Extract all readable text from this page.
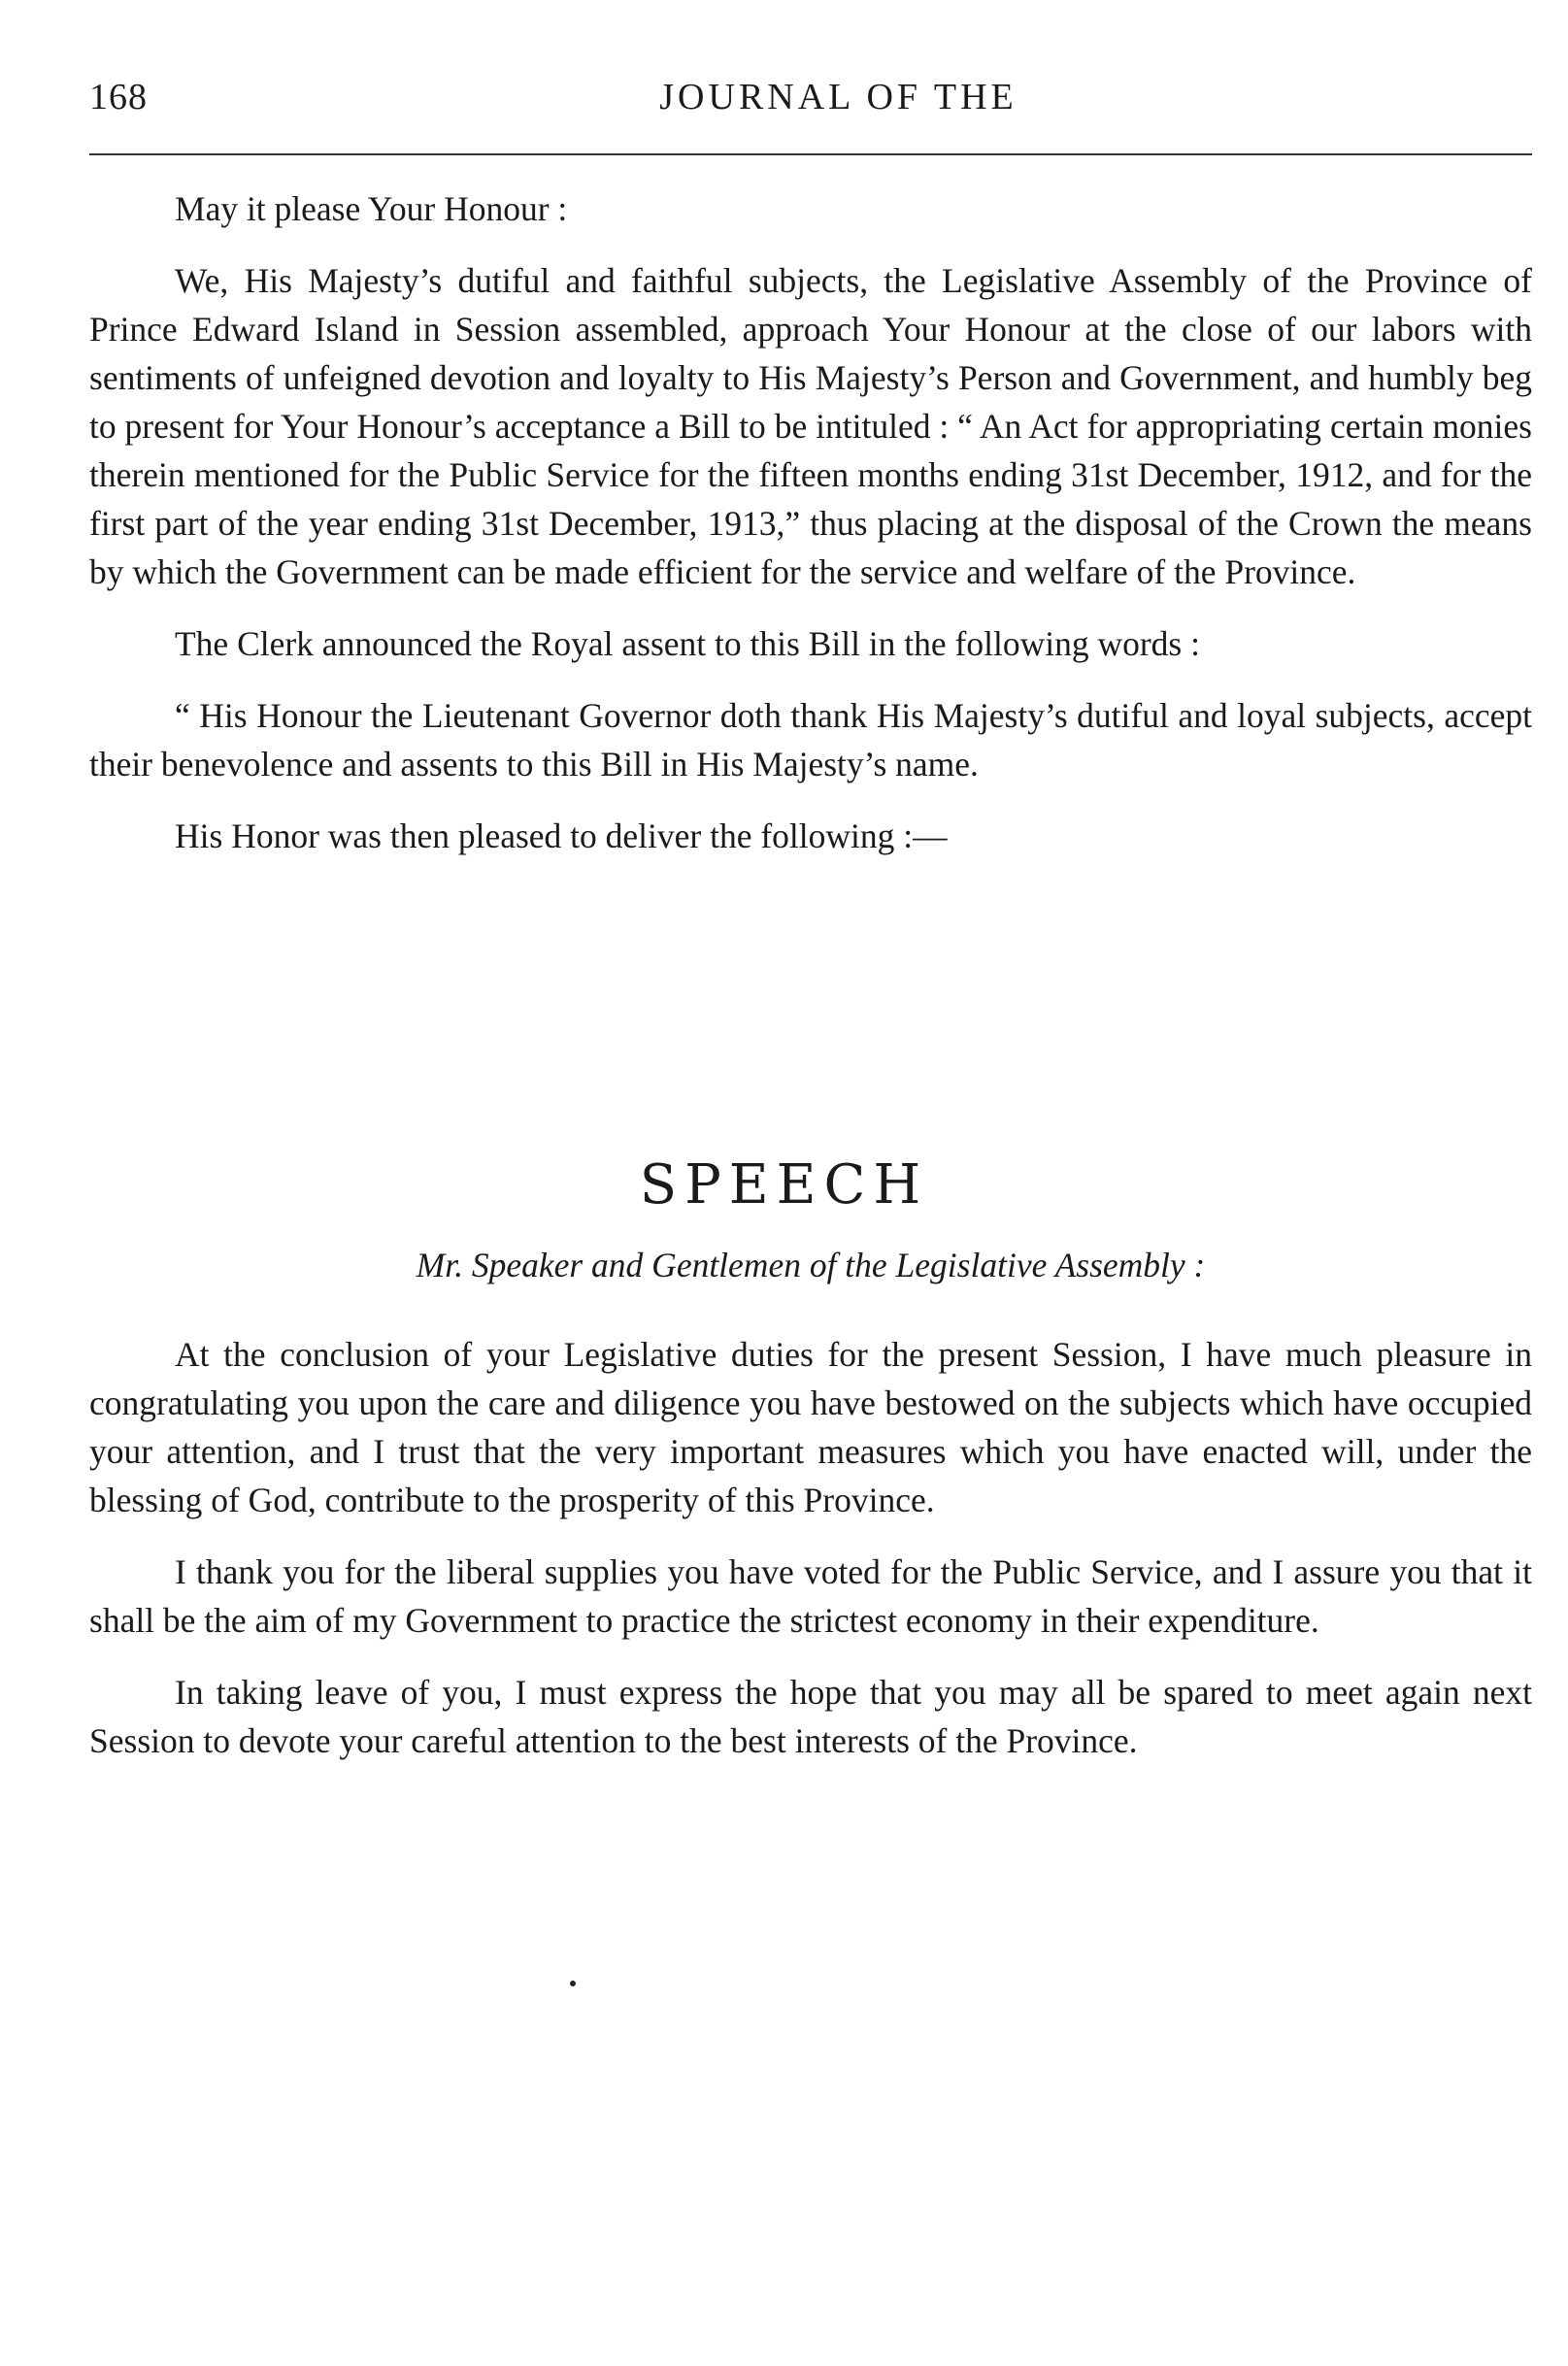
168	JOURNAL OF THE

May it please Your Honour :

We, His Majesty’s dutiful and faithful subjects, the Legislative Assembly of the Province of Prince Edward Island in Session assembled, approach Your Honour at the close of our labors with sentiments of unfeigned devotion and loyalty to His Majesty’s Person and Government, and humbly beg to present for Your Honour’s acceptance a Bill to be intituled : “ An Act for appropriating certain monies therein mentioned for the Public Service for the fifteen months ending 31st December, 1912, and for the first part of the year ending 31st December, 1913,” thus placing at the disposal of the Crown the means by which the Government can be made efficient for the service and welfare of the Province.

The Clerk announced the Royal assent to this Bill in the following words :

“ His Honour the Lieutenant Governor doth thank His Majesty’s dutiful and loyal subjects, accept their benevolence and assents to this Bill in His Majesty’s name.

His Honor was then pleased to deliver the following :—

SPEECH
Mr. Speaker and Gentlemen of the Legislative Assembly :

At the conclusion of your Legislative duties for the present Session, I have much pleasure in congratulating you upon the care and diligence you have bestowed on the subjects which have occupied your attention, and I trust that the very important measures which you have enacted will, under the blessing of God, contribute to the prosperity of this Province.

I thank you for the liberal supplies you have voted for the Public Service, and I assure you that it shall be the aim of my Government to practice the strictest economy in their expenditure.

In taking leave of you, I must express the hope that you may all be spared to meet again next Session to devote your careful attention to the best interests of the Province.
